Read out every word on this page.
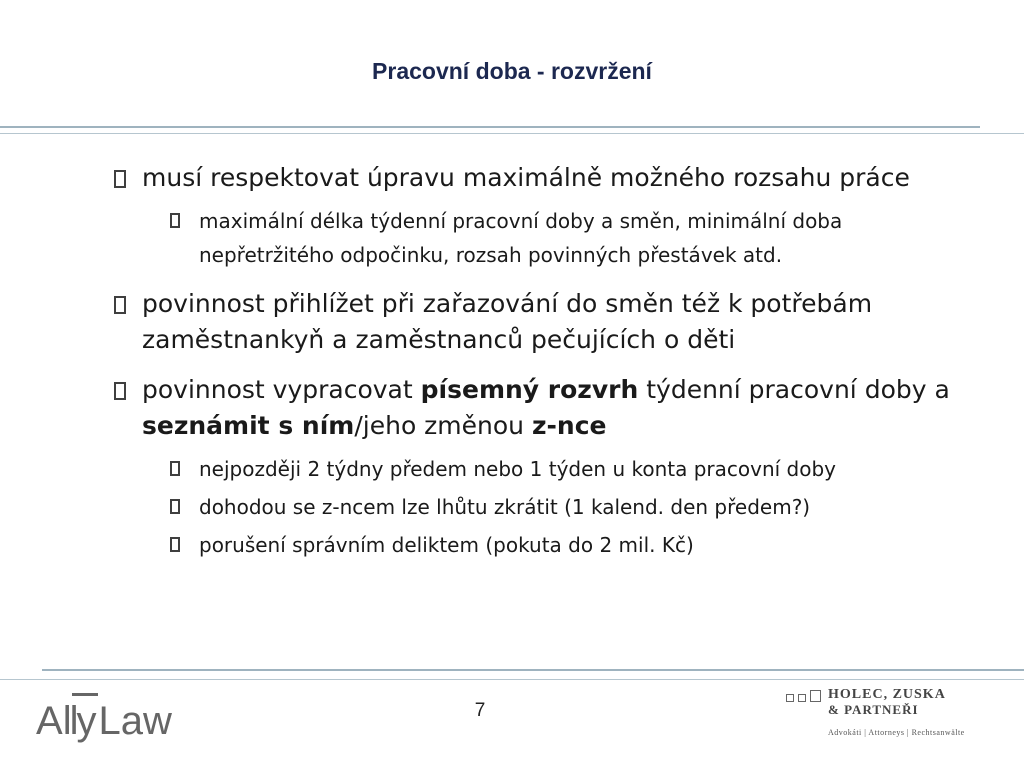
Pracovní doba - rozvržení
musí respektovat úpravu maximálně možného rozsahu práce
maximální délka týdenní pracovní doby a směn, minimální doba nepřetržitého odpočinku, rozsah povinných přestávek atd.
povinnost přihlížet při zařazování do směn též k potřebám zaměstnankyň a zaměstnanců pečujících o děti
povinnost vypracovat písemný rozvrh týdenní pracovní doby a seznámit s ním/jeho změnou z-nce
nejpozději 2 týdny předem nebo 1 týden u konta pracovní doby
dohodou se z-ncem lze lhůtu zkrátit (1 kalend. den předem?)
porušení správním deliktem (pokuta do 2 mil. Kč)
7
Ally Law
HOLEC, ZUSKA
& PARTNEŘI
Advokáti | Attorneys | Rechtsanwälte
